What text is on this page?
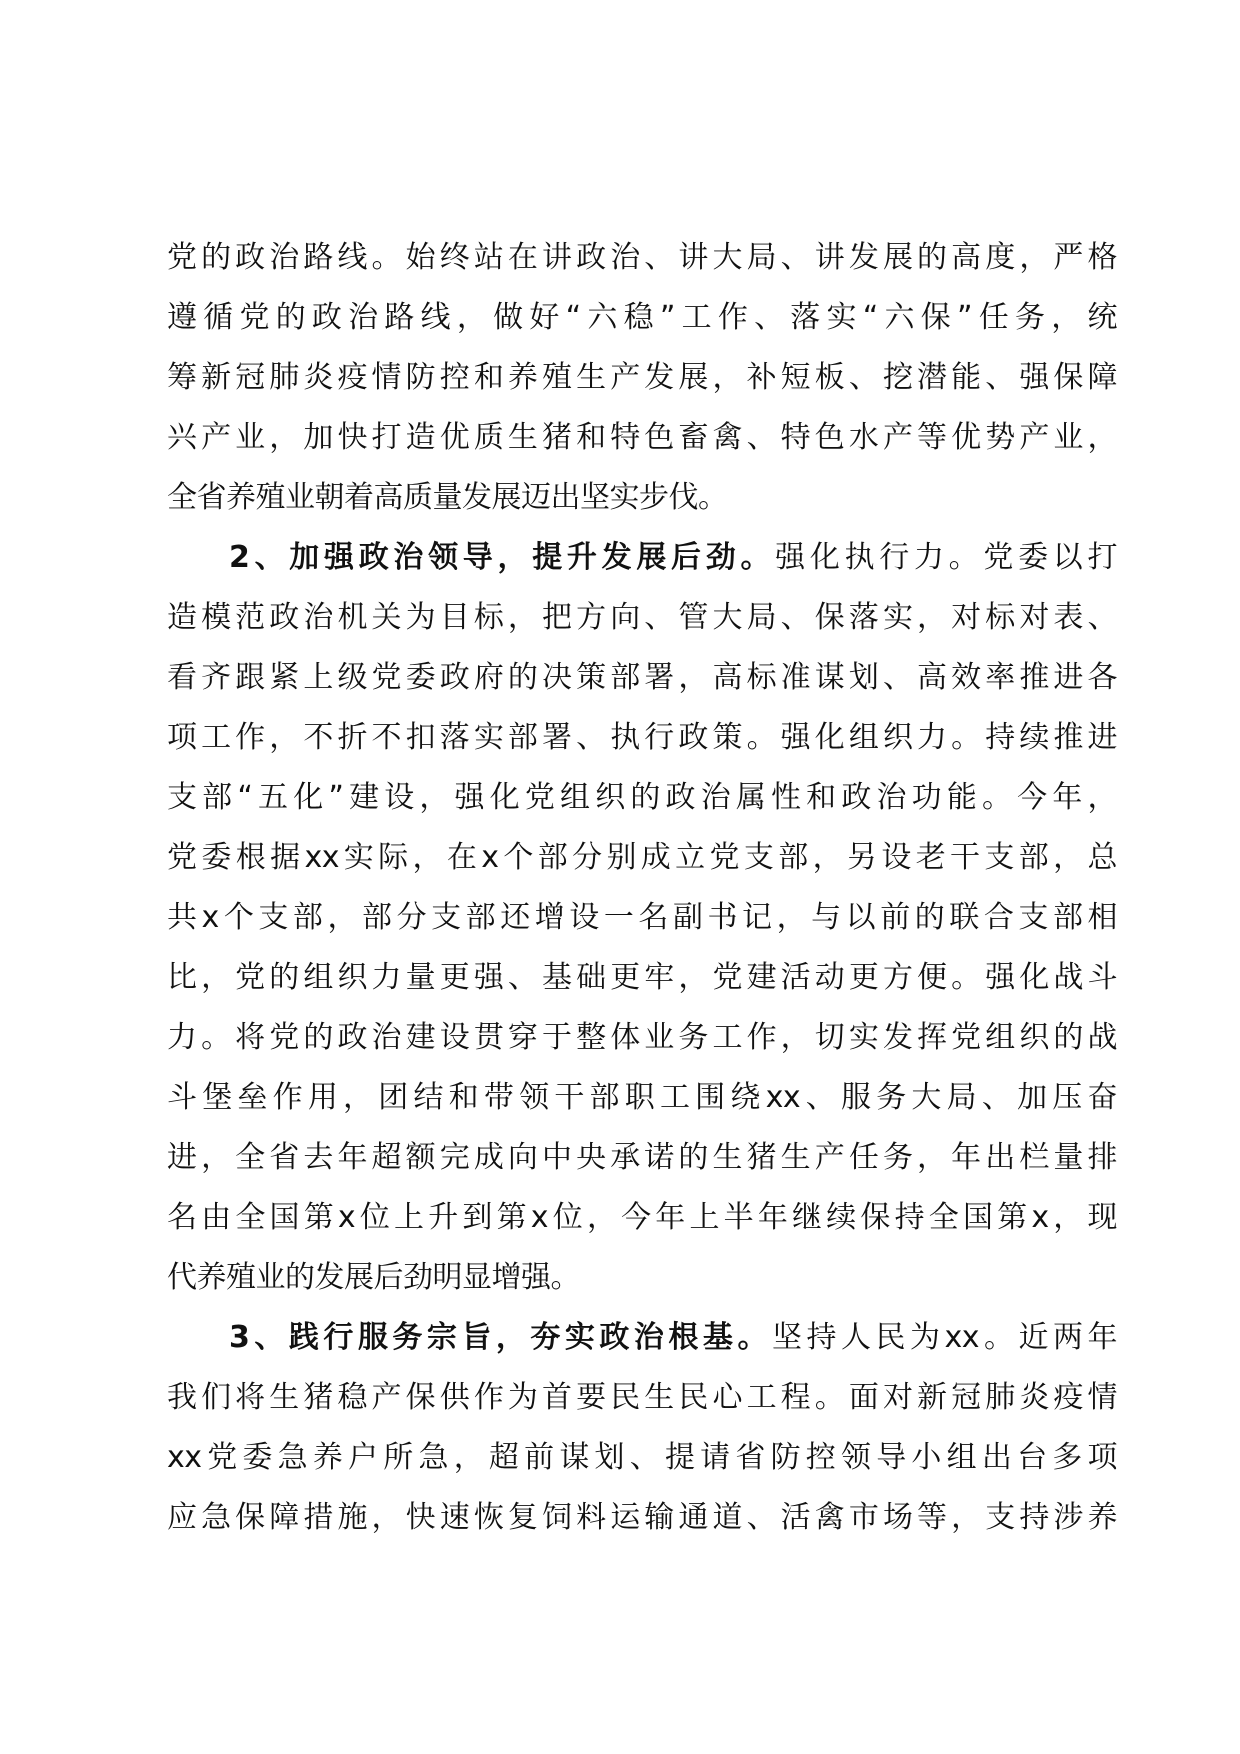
党的政治路线。始终站在讲政治、讲大局、讲发展的高度，严格
遵循党的政治路线，做好“六稳”工作、落实“六保”任务，统
筹新冠肺炎疫情防控和养殖生产发展，补短板、挖潜能、强保障
兴产业，加快打造优质生猪和特色畜禽、特色水产等优势产业，
全省养殖业朝着高质量发展迈出坚实步伐。
2、加强政治领导，提升发展后劲。强化执行力。党委以打
造模范政治机关为目标，把方向、管大局、保落实，对标对表、
看齐跟紧上级党委政府的决策部署，高标准谋划、高效率推进各
项工作，不折不扣落实部署、执行政策。强化组织力。持续推进
支部“五化”建设，强化党组织的政治属性和政治功能。今年，
党委根据xx实际，在x个部分别成立党支部，另设老干支部，总
共x个支部，部分支部还增设一名副书记，与以前的联合支部相
比，党的组织力量更强、基础更牢，党建活动更方便。强化战斗
力。将党的政治建设贯穿于整体业务工作，切实发挥党组织的战
斗堡垒作用，团结和带领干部职工围绕xx、服务大局、加压奋
进，全省去年超额完成向中央承诺的生猪生产任务，年出栏量排
名由全国第x位上升到第x位，今年上半年继续保持全国第x，现
代养殖业的发展后劲明显增强。
3、践行服务宗旨，夯实政治根基。坚持人民为xx。近两年
我们将生猪稳产保供作为首要民生民心工程。面对新冠肺炎疫情
xx党委急养户所急，超前谋划、提请省防控领导小组出台多项
应急保障措施，快速恢复饲料运输通道、活禽市场等，支持涉养
